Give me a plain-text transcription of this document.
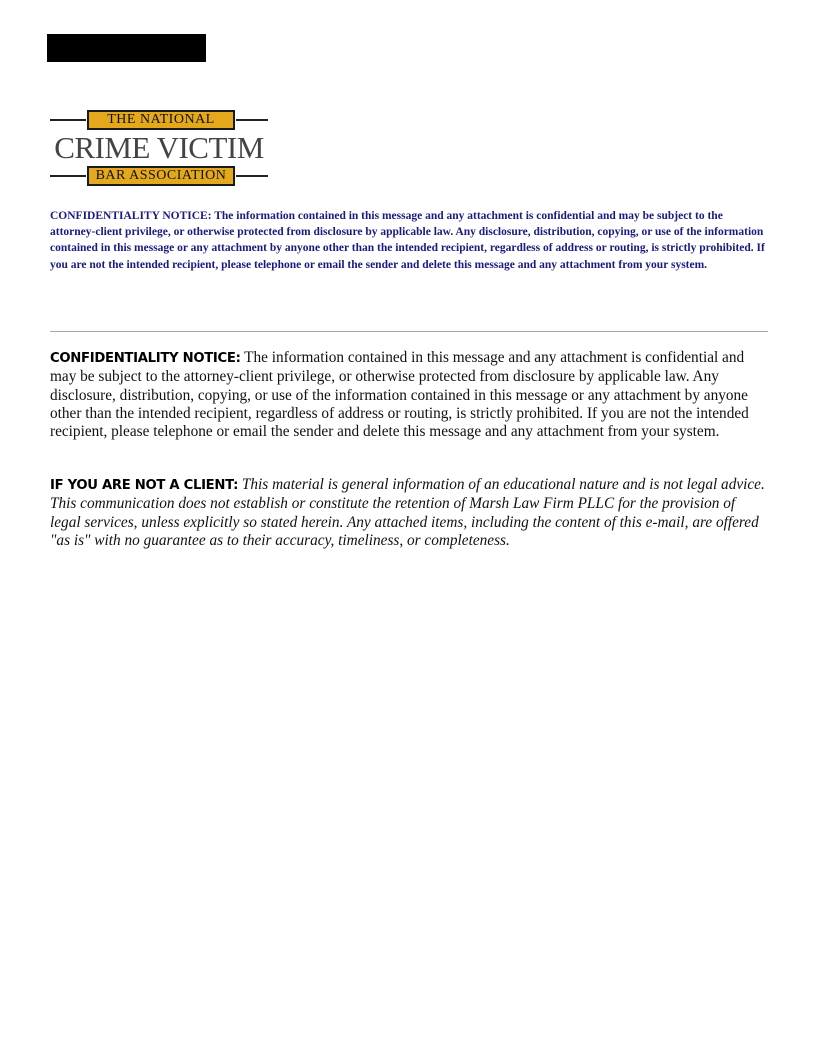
THE NATIONAL
CRIME VICTIM
BAR ASSOCIATION

CONFIDENTIALITY NOTICE: The information contained in this message and any attachment is confidential and may be subject to the attorney-client privilege, or otherwise protected from disclosure by applicable law. Any disclosure, distribution, copying, or use of the information contained in this message or any attachment by anyone other than the intended recipient, regardless of address or routing, is strictly prohibited. If you are not the intended recipient, please telephone or email the sender and delete this message and any attachment from your system.

CONFIDENTIALITY NOTICE: The information contained in this message and any attachment is confidential and may be subject to the attorney-client privilege, or otherwise protected from disclosure by applicable law. Any disclosure, distribution, copying, or use of the information contained in this message or any attachment by anyone other than the intended recipient, regardless of address or routing, is strictly prohibited. If you are not the intended recipient, please telephone or email the sender and delete this message and any attachment from your system.

IF YOU ARE NOT A CLIENT: This material is general information of an educational nature and is not legal advice. This communication does not establish or constitute the retention of Marsh Law Firm PLLC for the provision of legal services, unless explicitly so stated herein. Any attached items, including the content of this e-mail, are offered "as is" with no guarantee as to their accuracy, timeliness, or completeness.
